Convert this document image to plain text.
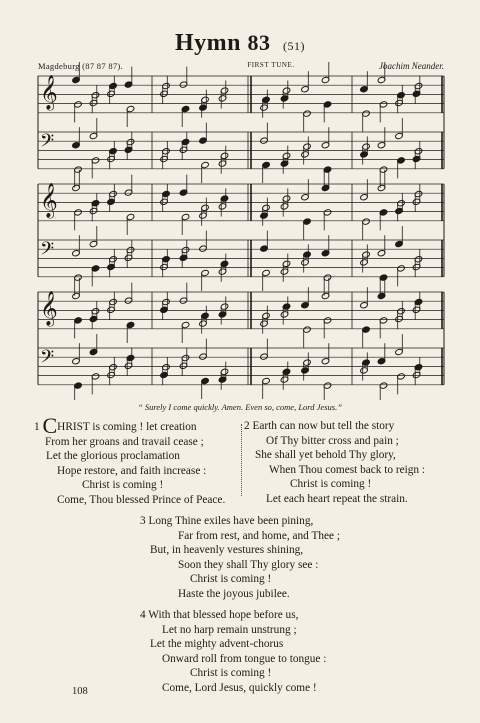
Hymn 83 (51)
Magdeburg (87 87 87).	FIRST TUNE.	Joachim Neander.
𝄞
𝄢
𝄞
𝄢
𝄞
𝄢
“ Surely I come quickly. Amen. Even so, come, Lord Jesus.”
1 CHRIST is coming ! let creation
From her groans and travail cease ;
Let the glorious proclamation
Hope restore, and faith increase :
Christ is coming !
Come, Thou blessed Prince of Peace.
2 Earth can now but tell the story
Of Thy bitter cross and pain ;
She shall yet behold Thy glory,
When Thou comest back to reign :
Christ is coming !
Let each heart repeat the strain.
3 Long Thine exiles have been pining,
Far from rest, and home, and Thee ;
But, in heavenly vestures shining,
Soon they shall Thy glory see :
Christ is coming !
Haste the joyous jubilee.
4 With that blessed hope before us,
Let no harp remain unstrung ;
Let the mighty advent-chorus
Onward roll from tongue to tongue :
Christ is coming !
Come, Lord Jesus, quickly come !
108
